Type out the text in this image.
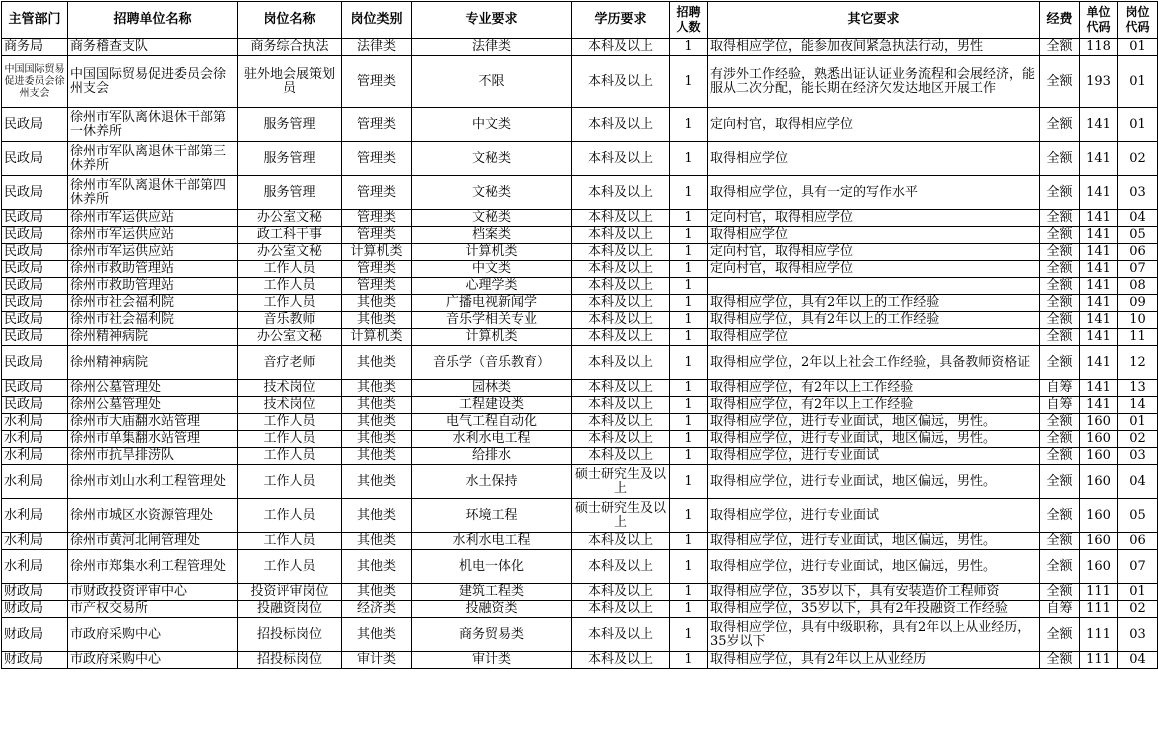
主管部门	招聘单位名称	岗位名称	岗位类别	专业要求	学历要求	招聘人数	其它要求	经费	单位代码	岗位代码
商务局	商务稽查支队	商务综合执法	法律类	法律类	本科及以上	1	取得相应学位，能参加夜间紧急执法行动，男性	全额	118	01
中国国际贸易促进委员会徐州支会	中国国际贸易促进委员会徐州支会	驻外地会展策划员	管理类	不限	本科及以上	1	有涉外工作经验，熟悉出证认证业务流程和会展经济，能服从二次分配，能长期在经济欠发达地区开展工作	全额	193	01
民政局	徐州市军队离休退休干部第一休养所	服务管理	管理类	中文类	本科及以上	1	定向村官，取得相应学位	全额	141	01
民政局	徐州市军队离退休干部第三休养所	服务管理	管理类	文秘类	本科及以上	1	取得相应学位	全额	141	02
民政局	徐州市军队离退休干部第四休养所	服务管理	管理类	文秘类	本科及以上	1	取得相应学位，具有一定的写作水平	全额	141	03
民政局	徐州市军运供应站	办公室文秘	管理类	文秘类	本科及以上	1	定向村官，取得相应学位	全额	141	04
民政局	徐州市军运供应站	政工科干事	管理类	档案类	本科及以上	1	取得相应学位	全额	141	05
民政局	徐州市军运供应站	办公室文秘	计算机类	计算机类	本科及以上	1	定向村官，取得相应学位	全额	141	06
民政局	徐州市救助管理站	工作人员	管理类	中文类	本科及以上	1	定向村官，取得相应学位	全额	141	07
民政局	徐州市救助管理站	工作人员	管理类	心理学类	本科及以上	1		全额	141	08
民政局	徐州市社会福利院	工作人员	其他类	广播电视新闻学	本科及以上	1	取得相应学位，具有2年以上的工作经验	全额	141	09
民政局	徐州市社会福利院	音乐教师	其他类	音乐学相关专业	本科及以上	1	取得相应学位，具有2年以上的工作经验	全额	141	10
民政局	徐州精神病院	办公室文秘	计算机类	计算机类	本科及以上	1	取得相应学位	全额	141	11
民政局	徐州精神病院	音疗老师	其他类	音乐学（音乐教育）	本科及以上	1	取得相应学位，2年以上社会工作经验，具备教师资格证	全额	141	12
民政局	徐州公墓管理处	技术岗位	其他类	园林类	本科及以上	1	取得相应学位，有2年以上工作经验	自筹	141	13
民政局	徐州公墓管理处	技术岗位	其他类	工程建设类	本科及以上	1	取得相应学位，有2年以上工作经验	自筹	141	14
水利局	徐州市大庙翻水站管理	工作人员	其他类	电气工程自动化	本科及以上	1	取得相应学位，进行专业面试，地区偏远，男性。	全额	160	01
水利局	徐州市单集翻水站管理	工作人员	其他类	水利水电工程	本科及以上	1	取得相应学位，进行专业面试，地区偏远，男性。	全额	160	02
水利局	徐州市抗旱排涝队	工作人员	其他类	给排水	本科及以上	1	取得相应学位，进行专业面试	全额	160	03
水利局	徐州市刘山水利工程管理处	工作人员	其他类	水土保持	硕士研究生及以上	1	取得相应学位，进行专业面试，地区偏远，男性。	全额	160	04
水利局	徐州市城区水资源管理处	工作人员	其他类	环境工程	硕士研究生及以上	1	取得相应学位，进行专业面试	全额	160	05
水利局	徐州市黄河北闸管理处	工作人员	其他类	水利水电工程	本科及以上	1	取得相应学位，进行专业面试，地区偏远，男性。	全额	160	06
水利局	徐州市郑集水利工程管理处	工作人员	其他类	机电一体化	本科及以上	1	取得相应学位，进行专业面试，地区偏远，男性。	全额	160	07
财政局	市财政投资评审中心	投资评审岗位	其他类	建筑工程类	本科及以上	1	取得相应学位，35岁以下，具有安装造价工程师资	全额	111	01
财政局	市产权交易所	投融资岗位	经济类	投融资类	本科及以上	1	取得相应学位，35岁以下，具有2年投融资工作经验	自筹	111	02
财政局	市政府采购中心	招投标岗位	其他类	商务贸易类	本科及以上	1	取得相应学位，具有中级职称，具有2年以上从业经历，35岁以下	全额	111	03
财政局	市政府采购中心	招投标岗位	审计类	审计类	本科及以上	1	取得相应学位，具有2年以上从业经历	全额	111	04
